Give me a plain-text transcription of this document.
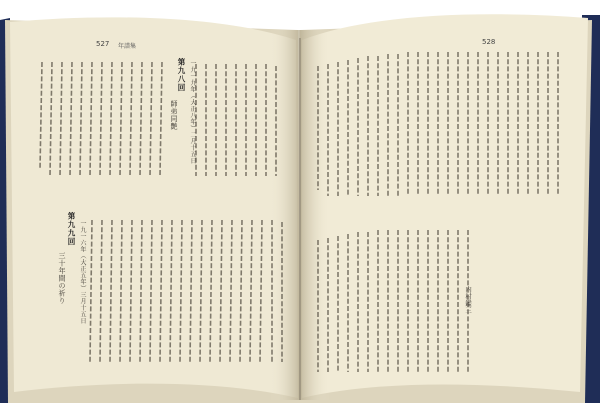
527 年譜集
第九八回
師弟同艶	一九一九年（大正八年）二月十五日
第九九回
三十年間の祈り	一九一六年（大正五年）三月十五日
528
内村鑑三
